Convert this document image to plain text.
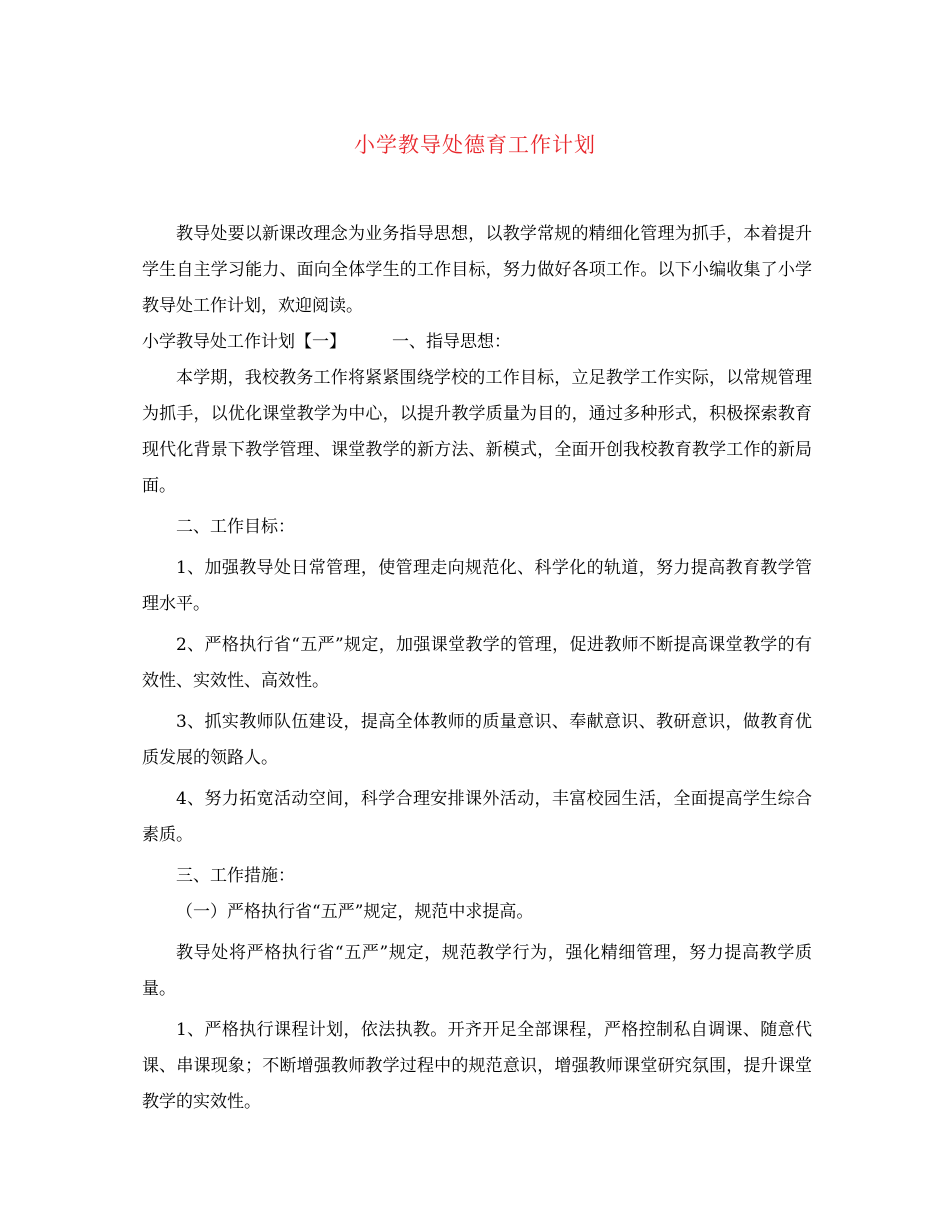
小学教导处德育工作计划

教导处要以新课改理念为业务指导思想，以教学常规的精细化管理为抓手，本着提升学生自主学习能力、面向全体学生的工作目标，努力做好各项工作。以下小编收集了小学教导处工作计划，欢迎阅读。

小学教导处工作计划【一】	一、指导思想：

本学期，我校教务工作将紧紧围绕学校的工作目标，立足教学工作实际，以常规管理为抓手，以优化课堂教学为中心，以提升教学质量为目的，通过多种形式，积极探索教育现代化背景下教学管理、课堂教学的新方法、新模式，全面开创我校教育教学工作的新局面。

二、工作目标：

1、加强教导处日常管理，使管理走向规范化、科学化的轨道，努力提高教育教学管理水平。

2、严格执行省“五严”规定，加强课堂教学的管理，促进教师不断提高课堂教学的有效性、实效性、高效性。

3、抓实教师队伍建设，提高全体教师的质量意识、奉献意识、教研意识，做教育优质发展的领路人。

4、努力拓宽活动空间，科学合理安排课外活动，丰富校园生活，全面提高学生综合素质。

三、工作措施：

（一）严格执行省“五严”规定，规范中求提高。

教导处将严格执行省“五严”规定，规范教学行为，强化精细管理，努力提高教学质量。

1、严格执行课程计划，依法执教。开齐开足全部课程，严格控制私自调课、随意代课、串课现象；不断增强教师教学过程中的规范意识，增强教师课堂研究氛围，提升课堂教学的实效性。
